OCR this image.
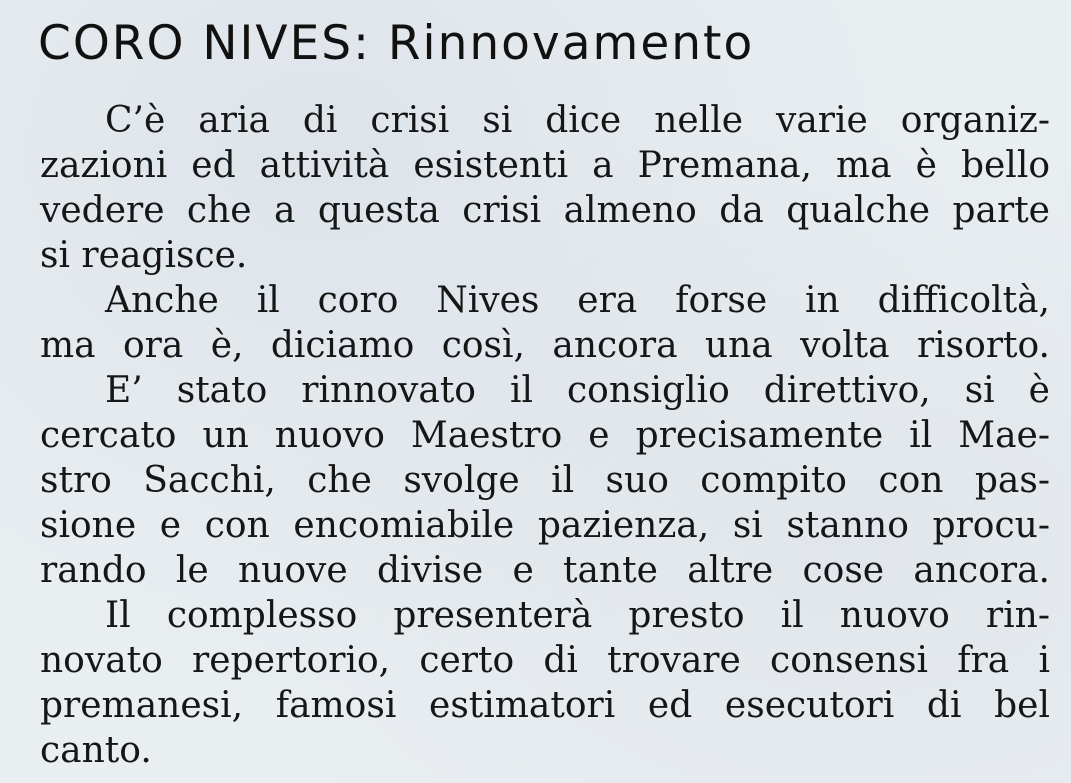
CORO NIVES: Rinnovamento
C’è aria di crisi si dice nelle varie organiz-
zazioni ed attività esistenti a Premana, ma è bello
vedere che a questa crisi almeno da qualche parte
si reagisce.
Anche il coro Nives era forse in difficoltà,
ma ora è, diciamo così, ancora una volta risorto.
E’ stato rinnovato il consiglio direttivo, si è
cercato un nuovo Maestro e precisamente il Mae-
stro Sacchi, che svolge il suo compito con pas-
sione e con encomiabile pazienza, si stanno procu-
rando le nuove divise e tante altre cose ancora.
Il complesso presenterà presto il nuovo rin-
novato repertorio, certo di trovare consensi fra i
premanesi, famosi estimatori ed esecutori di bel
canto.
